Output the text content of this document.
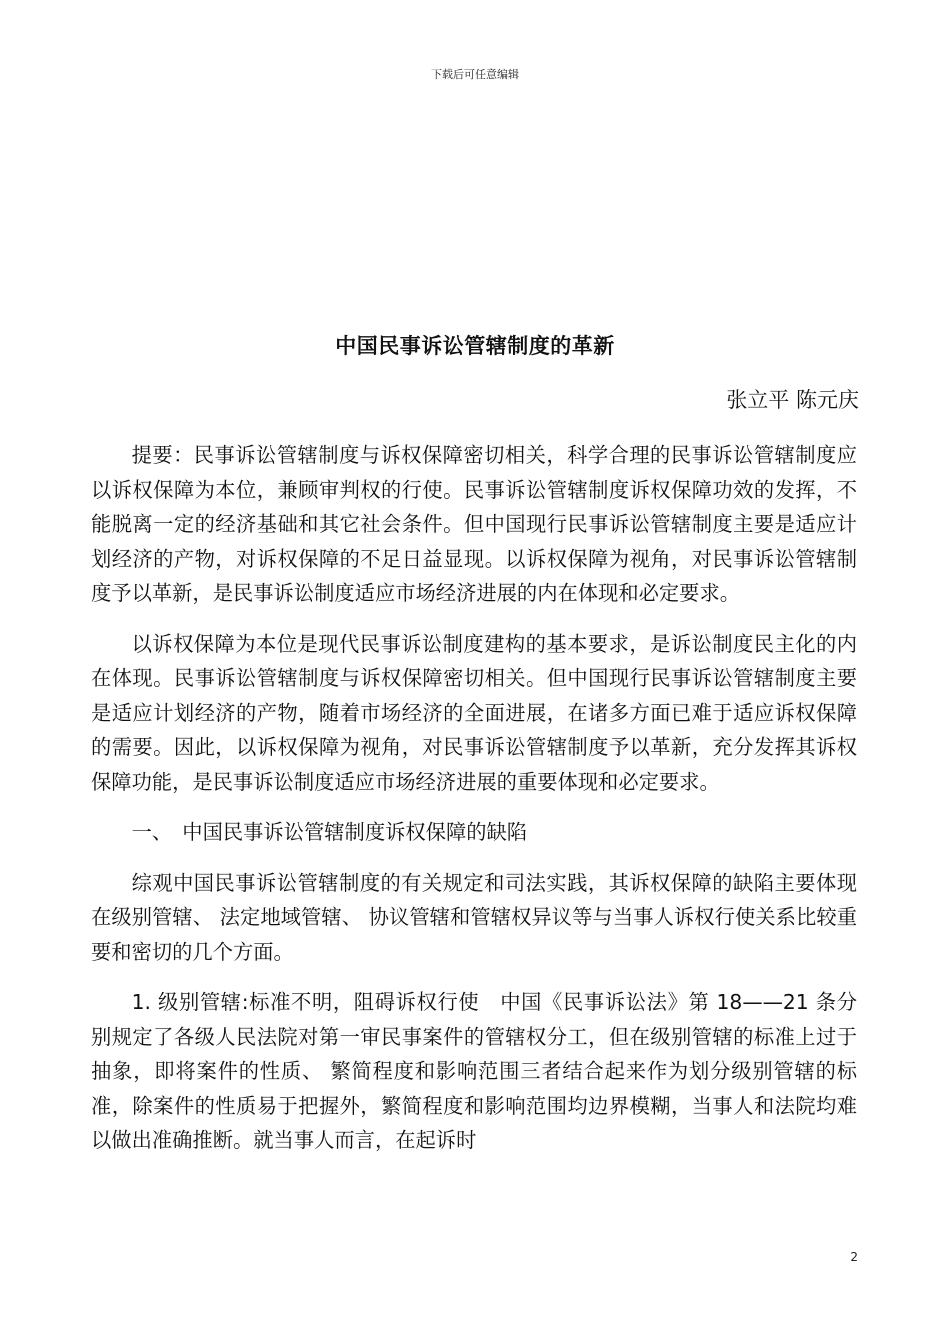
下载后可任意编辑
中国民事诉讼管辖制度的革新
张立平 陈元庆

提要：民事诉讼管辖制度与诉权保障密切相关，科学合理的民事诉讼管辖制度应以诉权保障为本位，兼顾审判权的行使。民事诉讼管辖制度诉权保障功效的发挥，不能脱离一定的经济基础和其它社会条件。但中国现行民事诉讼管辖制度主要是适应计划经济的产物，对诉权保障的不足日益显现。以诉权保障为视角，对民事诉讼管辖制度予以革新，是民事诉讼制度适应市场经济进展的内在体现和必定要求。

以诉权保障为本位是现代民事诉讼制度建构的基本要求，是诉讼制度民主化的内在体现。民事诉讼管辖制度与诉权保障密切相关。但中国现行民事诉讼管辖制度主要是适应计划经济的产物，随着市场经济的全面进展，在诸多方面已难于适应诉权保障的需要。因此，以诉权保障为视角，对民事诉讼管辖制度予以革新，充分发挥其诉权保障功能，是民事诉讼制度适应市场经济进展的重要体现和必定要求。

一、　中国民事诉讼管辖制度诉权保障的缺陷

综观中国民事诉讼管辖制度的有关规定和司法实践，其诉权保障的缺陷主要体现在级别管辖、 法定地域管辖、 协议管辖和管辖权异议等与当事人诉权行使关系比较重要和密切的几个方面。

1. 级别管辖:标准不明，阻碍诉权行使　中国《民事诉讼法》第 18——21 条分别规定了各级人民法院对第一审民事案件的管辖权分工，但在级别管辖的标准上过于抽象，即将案件的性质、 繁简程度和影响范围三者结合起来作为划分级别管辖的标准，除案件的性质易于把握外，繁简程度和影响范围均边界模糊，当事人和法院均难以做出准确推断。就当事人而言，在起诉时

2
